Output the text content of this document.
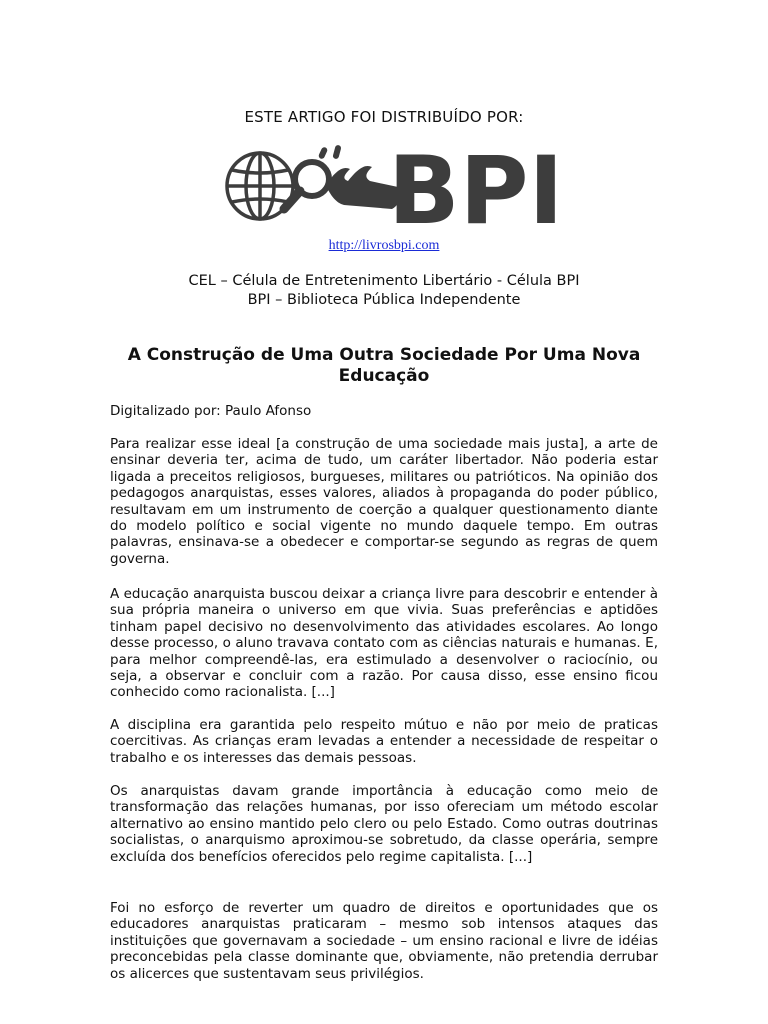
ESTE ARTIGO FOI DISTRIBUÍDO POR:
BPI
http://livrosbpi.com
CEL – Célula de Entretenimento Libertário - Célula BPI
BPI – Biblioteca Pública Independente
A Construção de Uma Outra Sociedade Por Uma Nova Educação
Digitalizado por: Paulo Afonso

Para realizar esse ideal [a construção de uma sociedade mais justa], a arte de ensinar deveria ter, acima de tudo, um caráter libertador. Não poderia estar ligada a preceitos religiosos, burgueses, militares ou patrióticos. Na opinião dos pedagogos anarquistas, esses valores, aliados à propaganda do poder público, resultavam em um instrumento de coerção a qualquer questionamento diante do modelo político e social vigente no mundo daquele tempo. Em outras palavras, ensinava-se a obedecer e comportar-se segundo as regras de quem governa.

A educação anarquista buscou deixar a criança livre para descobrir e entender à sua própria maneira o universo em que vivia. Suas preferências e aptidões tinham papel decisivo no desenvolvimento das atividades escolares. Ao longo desse processo, o aluno travava contato com as ciências naturais e humanas. E, para melhor compreendê-las, era estimulado a desenvolver o raciocínio, ou seja, a observar e concluir com a razão. Por causa disso, esse ensino ficou conhecido como racionalista. [...]

A disciplina era garantida pelo respeito mútuo e não por meio de praticas coercitivas. As crianças eram levadas a entender a necessidade de respeitar o trabalho e os interesses das demais pessoas.

Os anarquistas davam grande importância à educação como meio de transformação das relações humanas, por isso ofereciam um método escolar alternativo ao ensino mantido pelo clero ou pelo Estado. Como outras doutrinas socialistas, o anarquismo aproximou-se sobretudo, da classe operária, sempre excluída dos benefícios oferecidos pelo regime capitalista. [...]

Foi no esforço de reverter um quadro de direitos e oportunidades que os educadores anarquistas praticaram – mesmo sob intensos ataques das instituições que governavam a sociedade – um ensino racional e livre de idéias preconcebidas pela classe dominante que, obviamente, não pretendia derrubar os alicerces que sustentavam seus privilégios.
